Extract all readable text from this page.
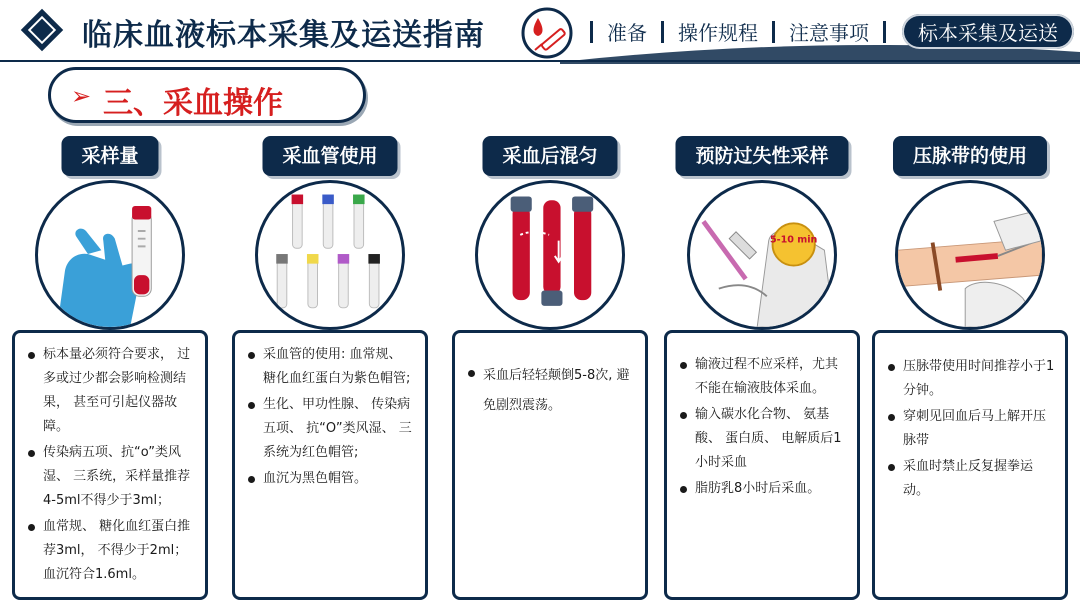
临床血液标本采集及运送指南	准备 操作规程 注意事项	标本采集及运送
➢ 三、采血操作
采样量
标本量必须符合要求， 过多或过少都会影响检测结果， 甚至可引起仪器故障。
传染病五项、抗“o”类风湿、 三系统，采样量推荐4-5ml不得少于3ml；
血常规、 糖化血红蛋白推荐3ml， 不得少于2ml；血沉符合1.6ml。
采血管使用
采血管的使用: 血常规、 糖化血红蛋白为紫色帽管;
生化、甲功性腺、 传染病五项、 抗“O”类风湿、 三系统为红色帽管;
血沉为黑色帽管。
采血后混匀
采血后轻轻颠倒5-8次, 避免剧烈震荡。
预防过失性采样
5-10 min
输液过程不应采样，尤其不能在输液肢体采血。
输入碳水化合物、 氨基酸、 蛋白质、 电解质后1 小时采血
脂肪乳8小时后采血。
压脉带的使用
压脉带使用时间推荐小于1 分钟。
穿刺见回血后马上解开压脉带
采血时禁止反复握拳运动。
